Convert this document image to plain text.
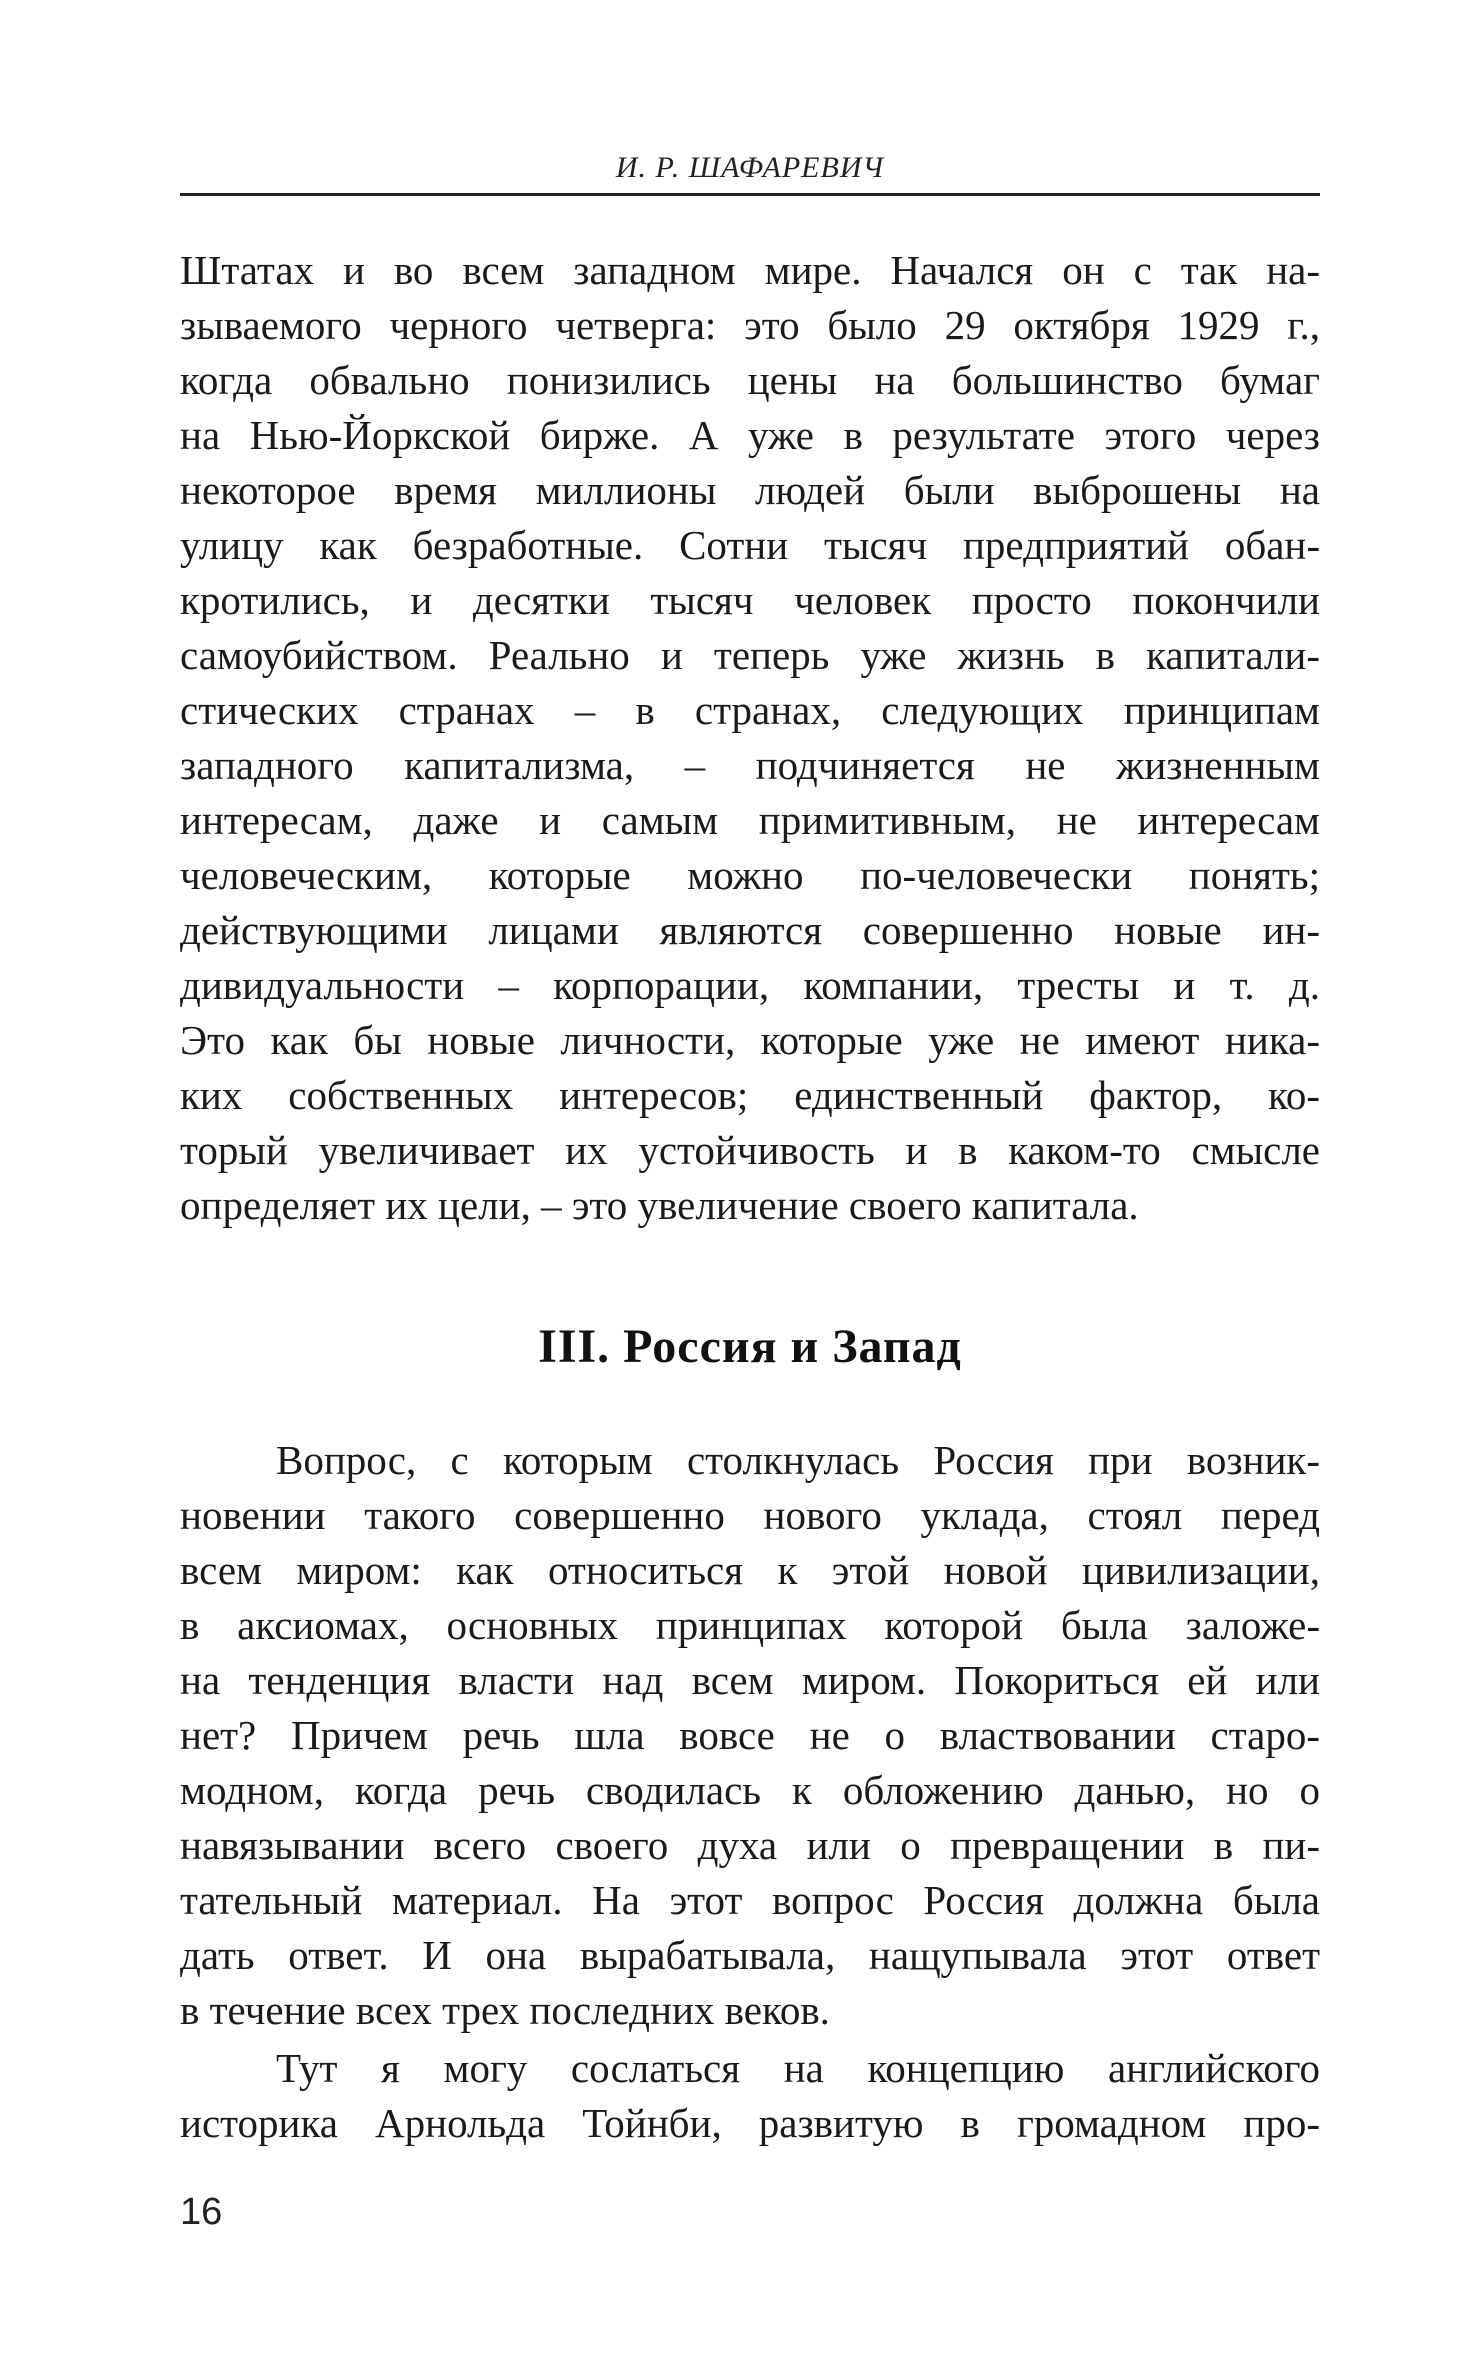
И. Р. ШАФАРЕВИЧ
Штатах и во всем западном мире. Начался он с так на-
зываемого черного четверга: это было 29 октября 1929 г.,
когда обвально понизились цены на большинство бумаг
на Нью-Йоркской бирже. А уже в результате этого через
некоторое время миллионы людей были выброшены на
улицу как безработные. Сотни тысяч предприятий обан-
кротились, и десятки тысяч человек просто покончили
самоубийством. Реально и теперь уже жизнь в капитали-
стических странах – в странах, следующих принципам
западного капитализма, – подчиняется не жизненным
интересам, даже и самым примитивным, не интересам
человеческим, которые можно по-человечески понять;
действующими лицами являются совершенно новые ин-
дивидуальности – корпорации, компании, тресты и т. д.
Это как бы новые личности, которые уже не имеют ника-
ких собственных интересов; единственный фактор, ко-
торый увеличивает их устойчивость и в каком-то смысле
определяет их цели, – это увеличение своего капитала.
III. Россия и Запад
Вопрос, с которым столкнулась Россия при возник-
новении такого совершенно нового уклада, стоял перед
всем миром: как относиться к этой новой цивилизации,
в аксиомах, основных принципах которой была заложе-
на тенденция власти над всем миром. Покориться ей или
нет? Причем речь шла вовсе не о властвовании старо-
модном, когда речь сводилась к обложению данью, но о
навязывании всего своего духа или о превращении в пи-
тательный материал. На этот вопрос Россия должна была
дать ответ. И она вырабатывала, нащупывала этот ответ
в течение всех трех последних веков.
Тут я могу сослаться на концепцию английского
историка Арнольда Тойнби, развитую в громадном про-
16
